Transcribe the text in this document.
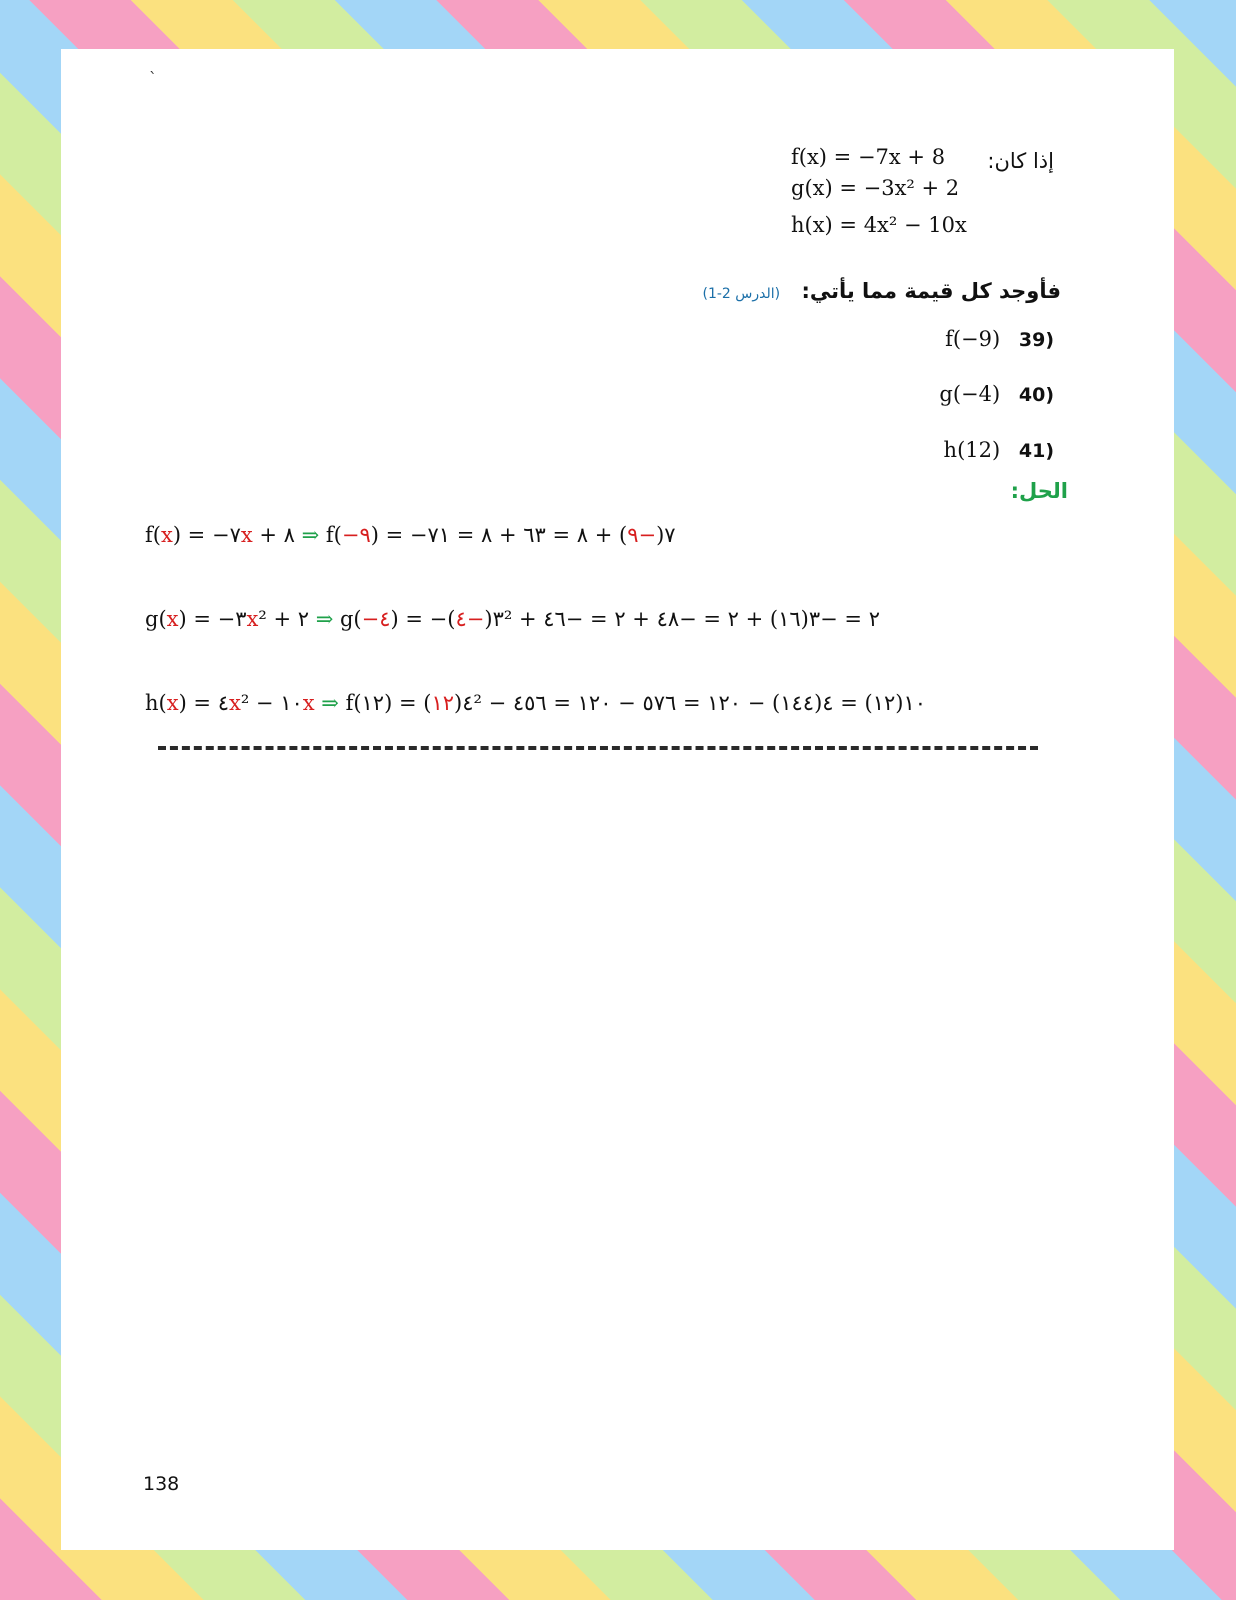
`
إذا كان:
f(x) = −7x + 8
g(x) = −3x² + 2
h(x) = 4x² − 10x
فأوجد كل قيمة مما يأتي: (الدرس 2-1)
f(−9) 39)
g(−4) 40)
h(12) 41)
الحل:
f(x) = −٧x + ٨ ⇒ f(−٩) = −٧(−٩) + ٨ = ٦٣ + ٨ = ٧١
g(x) = −٣x² + ٢ ⇒ g(−٤) = −٣(−٤)² + ٢ = −٣(١٦) + ٢ = −٤٨ + ٢ = −٤٦
h(x) = ٤x² − ١٠x ⇒ f(١٢) = ٤(١٢)² − ١٠(١٢) = ٤(١٤٤) − ١٢٠ = ٥٧٦ − ١٢٠ = ٤٥٦
138
